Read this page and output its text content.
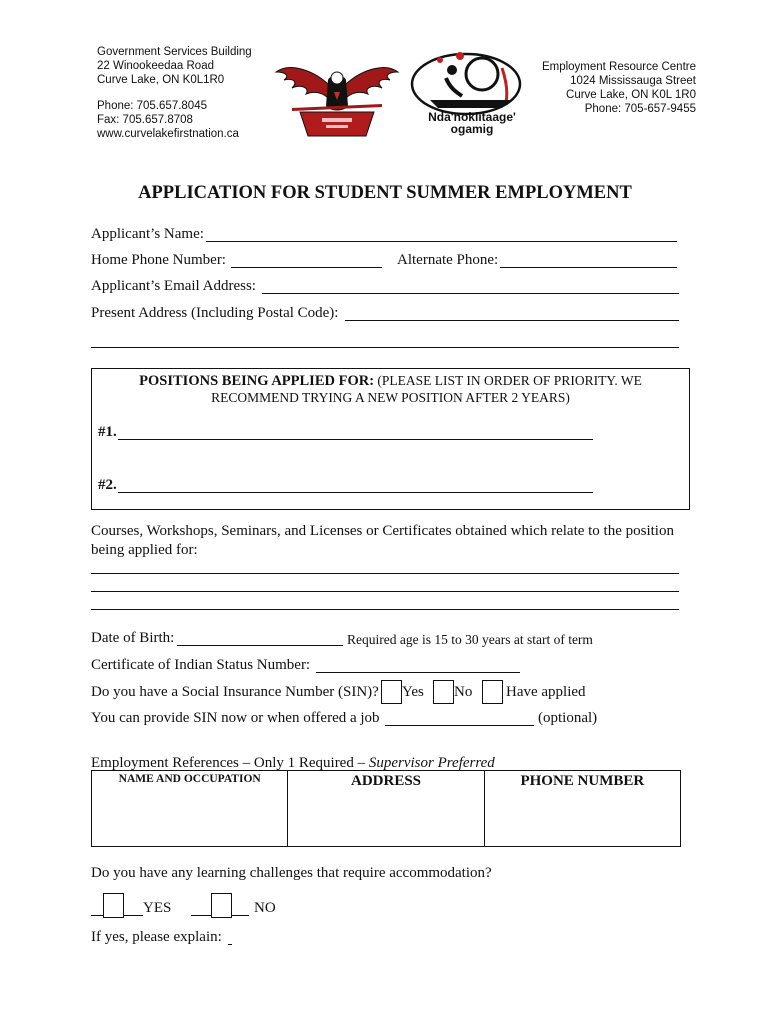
Government Services Building
22 Winookeedaa Road
Curve Lake, ON K0L1R0
Phone: 705.657.8045
Fax: 705.657.8708
www.curvelakefirstnation.ca
Nda'nokiitaage'
ogamig
Employment Resource Centre
1024 Mississauga Street
Curve Lake, ON K0L 1R0
Phone: 705-657-9455
APPLICATION FOR STUDENT SUMMER EMPLOYMENT
Applicant’s Name:
Home Phone Number:	Alternate Phone:
Applicant’s Email Address:
Present Address (Including Postal Code):
POSITIONS BEING APPLIED FOR: (PLEASE LIST IN ORDER OF PRIORITY. WE
RECOMMEND TRYING A NEW POSITION AFTER 2 YEARS)
#1.
#2.
Courses, Workshops, Seminars, and Licenses or Certificates obtained which relate to the position
being applied for:
Date of Birth:	Required age is 15 to 30 years at start of term
Certificate of Indian Status Number:
Do you have a Social Insurance Number (SIN)? Yes No Have applied
You can provide SIN now or when offered a job	(optional)
Employment References – Only 1 Required – Supervisor Preferred
NAME AND OCCUPATION	ADDRESS	PHONE NUMBER
Do you have any learning challenges that require accommodation?
YES	NO
If yes, please explain:
